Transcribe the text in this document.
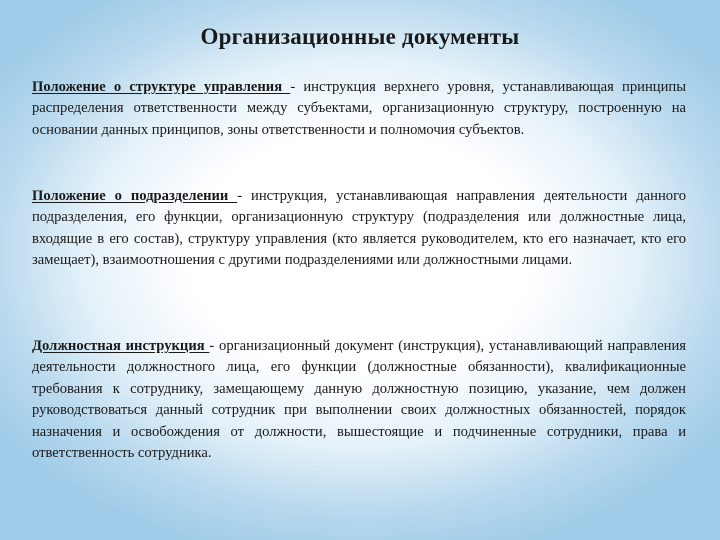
Организационные документы

Положение о структуре управления - инструкция верхнего уровня, устанавливающая принципы распределения ответственности между субъектами, организационную структуру, построенную на основании данных принципов, зоны ответственности и полномочия субъектов.

Положение о подразделении - инструкция, устанавливающая направления деятельности данного подразделения, его функции, организационную структуру (подразделения или должностные лица, входящие в его состав), структуру управления (кто является руководителем, кто его назначает, кто его замещает), взаимоотношения с другими подразделениями или должностными лицами.

Должностная инструкция - организационный документ (инструкция), устанавливающий направления деятельности должностного лица, его функции (должностные обязанности), квалификационные требования к сотруднику, замещающему данную должностную позицию, указание, чем должен руководствоваться данный сотрудник при выполнении своих должностных обязанностей, порядок назначения и освобождения от должности, вышестоящие и подчиненные сотрудники, права и ответственность сотрудника.
